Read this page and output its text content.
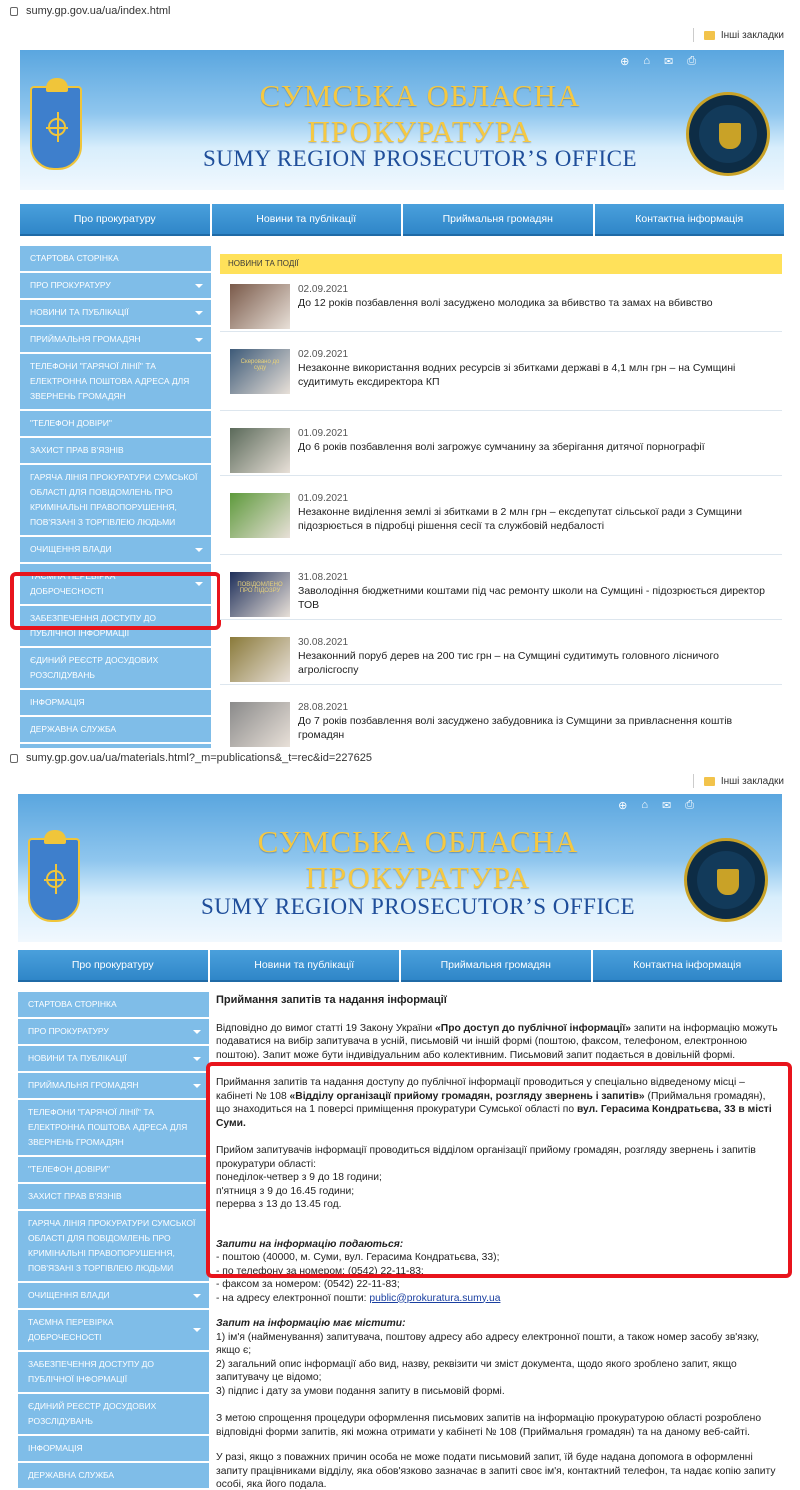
sumy.gp.gov.ua/ua/index.html
Інші закладки
⊕ ⌂ ✉ ⎙
СУМСЬКА ОБЛАСНА ПРОКУРАТУРА
SUMY REGION PROSECUTOR’S OFFICE
Про прокуратуру	Новини та публікації	Приймальня громадян	Контактна інформація
СТАРТОВА СТОРІНКА
ПРО ПРОКУРАТУРУ
НОВИНИ ТА ПУБЛІКАЦІЇ
ПРИЙМАЛЬНЯ ГРОМАДЯН
ТЕЛЕФОНИ "ГАРЯЧОЇ ЛІНІЇ" ТА ЕЛЕКТРОННА ПОШТОВА АДРЕСА ДЛЯ ЗВЕРНЕНЬ ГРОМАДЯН
"ТЕЛЕФОН ДОВІРИ"
ЗАХИСТ ПРАВ В'ЯЗНІВ
ГАРЯЧА ЛІНІЯ ПРОКУРАТУРИ СУМСЬКОЇ ОБЛАСТІ ДЛЯ ПОВІДОМЛЕНЬ ПРО КРИМІНАЛЬНІ ПРАВОПОРУШЕННЯ, ПОВ'ЯЗАНІ З ТОРГІВЛЕЮ ЛЮДЬМИ
ОЧИЩЕННЯ ВЛАДИ
ТАЄМНА ПЕРЕВІРКА ДОБРОЧЕСНОСТІ
ЗАБЕЗПЕЧЕННЯ ДОСТУПУ ДО ПУБЛІЧНОЇ ІНФОРМАЦІЇ
ЄДИНИЙ РЕЄСТР ДОСУДОВИХ РОЗСЛІДУВАНЬ
ІНФОРМАЦІЯ
ДЕРЖАВНА СЛУЖБА
НОВИНИ ТА ПОДІЇ
02.09.2021
До 12 років позбавлення волі засуджено молодика за вбивство та замах на вбивство
Скеровано до суду
02.09.2021
Незаконне використання водних ресурсів зі збитками державі в 4,1 млн грн – на Сумщині судитимуть ексдиректора КП
01.09.2021
До 6 років позбавлення волі загрожує сумчанину за зберігання дитячої порнографії
01.09.2021
Незаконне виділення землі зі збитками в 2 млн грн – ексдепутат сільської ради з Сумщини підозрюється в підробці рішення сесії та службовій недбалості
ПОВІДОМЛЕНО ПРО ПІДОЗРУ
31.08.2021
Заволодіння бюджетними коштами під час ремонту школи на Сумщині - підозрюється директор ТОВ
30.08.2021
Незаконний поруб дерев на 200 тис грн – на Сумщині судитимуть головного лісничого агролісгоспу
28.08.2021
До 7 років позбавлення волі засуджено забудовника із Сумщини за привласнення коштів громадян
sumy.gp.gov.ua/ua/materials.html?_m=publications&_t=rec&id=227625
Інші закладки
⊕ ⌂ ✉ ⎙
СУМСЬКА ОБЛАСНА ПРОКУРАТУРА
SUMY REGION PROSECUTOR’S OFFICE
Про прокуратуру	Новини та публікації	Приймальня громадян	Контактна інформація
СТАРТОВА СТОРІНКА
ПРО ПРОКУРАТУРУ
НОВИНИ ТА ПУБЛІКАЦІЇ
ПРИЙМАЛЬНЯ ГРОМАДЯН
ТЕЛЕФОНИ "ГАРЯЧОЇ ЛІНІЇ" ТА ЕЛЕКТРОННА ПОШТОВА АДРЕСА ДЛЯ ЗВЕРНЕНЬ ГРОМАДЯН
"ТЕЛЕФОН ДОВІРИ"
ЗАХИСТ ПРАВ В'ЯЗНІВ
ГАРЯЧА ЛІНІЯ ПРОКУРАТУРИ СУМСЬКОЇ ОБЛАСТІ ДЛЯ ПОВІДОМЛЕНЬ ПРО КРИМІНАЛЬНІ ПРАВОПОРУШЕННЯ, ПОВ'ЯЗАНІ З ТОРГІВЛЕЮ ЛЮДЬМИ
ОЧИЩЕННЯ ВЛАДИ
ТАЄМНА ПЕРЕВІРКА ДОБРОЧЕСНОСТІ
ЗАБЕЗПЕЧЕННЯ ДОСТУПУ ДО ПУБЛІЧНОЇ ІНФОРМАЦІЇ
ЄДИНИЙ РЕЄСТР ДОСУДОВИХ РОЗСЛІДУВАНЬ
ІНФОРМАЦІЯ
ДЕРЖАВНА СЛУЖБА

Приймання запитів та надання інформації

Відповідно до вимог статті 19 Закону України «Про доступ до публічної інформації» запити на інформацію можуть подаватися на вибір запитувача в усній, письмовій чи іншій формі (поштою, факсом, телефоном, електронною поштою). Запит може бути індивідуальним або колективним. Письмовий запит подається в довільній формі.

Приймання запитів та надання доступу до публічної інформації проводиться у спеціально відведеному місці – кабінеті № 108 «Відділу організації прийому громадян, розгляду звернень і запитів» (Приймальня громадян), що знаходиться на 1 поверсі приміщення прокуратури Сумської області по вул. Герасима Кондратьєва, 33 в місті Суми.

Прийом запитувачів інформації проводиться відділом організації прийому громадян, розгляду звернень і запитів прокуратури області:
понеділок-четвер з 9 до 18 години;
п'ятниця з 9 до 16.45 години;
перерва з 13 до 13.45 год.

Запити на інформацію подаються:
- поштою (40000, м. Суми, вул. Герасима Кондратьєва, 33);
- по телефону за номером: (0542) 22-11-83;
- факсом за номером: (0542) 22-11-83;
- на адресу електронної пошти: public@prokuratura.sumy.ua

Запит на інформацію має містити:
1) ім'я (найменування) запитувача, поштову адресу або адресу електронної пошти, а також номер засобу зв'язку, якщо є;
2) загальний опис інформації або вид, назву, реквізити чи зміст документа, щодо якого зроблено запит, якщо запитувачу це відомо;
3) підпис і дату за умови подання запиту в письмовій формі.

З метою спрощення процедури оформлення письмових запитів на інформацію прокуратурою області розроблено відповідні форми запитів, які можна отримати у кабінеті № 108 (Приймальня громадян) та на даному веб-сайті.

У разі, якщо з поважних причин особа не може подати письмовий запит, їй буде надана допомога в оформленні запиту працівниками відділу, яка обов'язково зазначає в запиті своє ім'я, контактний телефон, та надає копію запиту особі, яка його подала.
